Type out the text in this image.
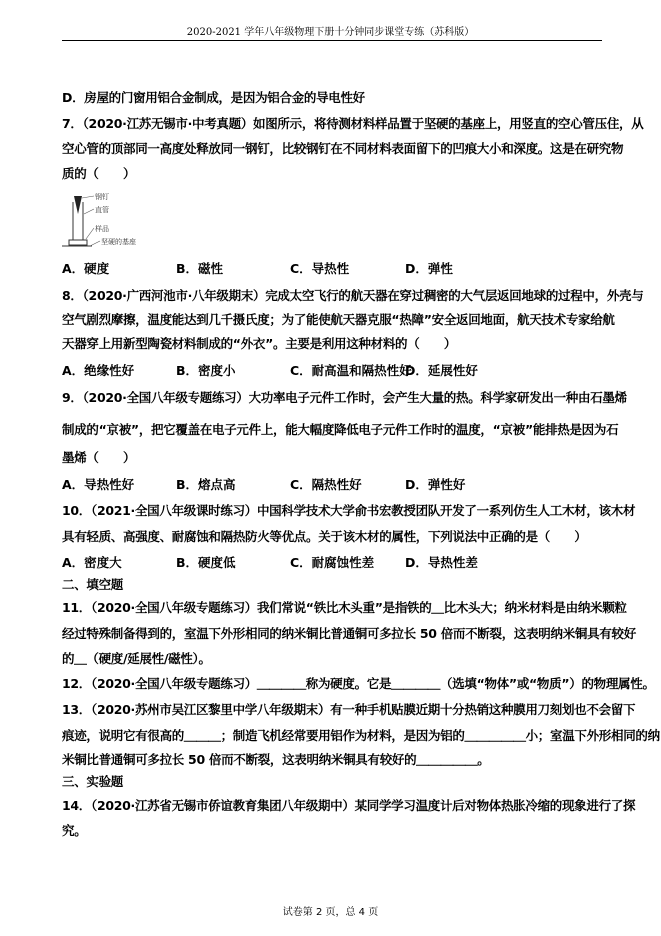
2020-2021 学年八年级物理下册十分钟同步课堂专练（苏科版）
D．房屋的门窗用铝合金制成，是因为铝合金的导电性好
7．（2020·江苏无锡市·中考真题）如图所示，将待测材料样品置于坚硬的基座上，用竖直的空心管压住，从
空心管的顶部同一高度处释放同一钢钉，比较钢钉在不同材料表面留下的凹痕大小和深度。这是在研究物
质的（　　）
钢钉
直管
样品
坚硬的基座
A．硬度	B．磁性	C．导热性	D．弹性
8．（2020·广西河池市·八年级期末）完成太空飞行的航天器在穿过稠密的大气层返回地球的过程中，外壳与
空气剧烈摩擦，温度能达到几千摄氏度；为了能使航天器克服“热障”安全返回地面，航天技术专家给航
天器穿上用新型陶瓷材料制成的“外衣”。主要是利用这种材料的（　　）
A．绝缘性好	B．密度小	C．耐高温和隔热性好
D．延展性好
9．（2020·全国八年级专题练习）大功率电子元件工作时，会产生大量的热。科学家研发出一种由石墨烯
制成的“京被”，把它覆盖在电子元件上，能大幅度降低电子元件工作时的温度，“京被”能排热是因为石
墨烯（　　）
A．导热性好	B．熔点高	C．隔热性好	D．弹性好
10．（2021·全国八年级课时练习）中国科学技术大学俞书宏教授团队开发了一系列仿生人工木材，该木材
具有轻质、高强度、耐腐蚀和隔热防火等优点。关于该木材的属性，下列说法中正确的是（　　）
A．密度大	B．硬度低	C．耐腐蚀性差 D．导热性差
二、填空题
11．（2020·全国八年级专题练习）我们常说“铁比木头重”是指铁的＿比木头大；纳米材料是由纳米颗粒
经过特殊制备得到的，室温下外形相同的纳米铜比普通铜可多拉长 50 倍而不断裂，这表明纳米铜具有较好
的＿（硬度/延展性/磁性）。
12．（2020·全国八年级专题练习）＿＿＿＿称为硬度。它是＿＿＿＿（选填“物体”或“物质”）的物理属性。
13．（2020·苏州市吴江区黎里中学八年级期末）有一种手机贴膜近期十分热销这种膜用刀刻划也不会留下
痕迹，说明它有很高的＿＿＿；制造飞机经常要用铝作为材料，是因为铝的＿＿＿＿＿小；室温下外形相同的纳
米铜比普通铜可多拉长 50 倍而不断裂，这表明纳米铜具有较好的＿＿＿＿＿。
三、实验题
14．（2020·江苏省无锡市侨谊教育集团八年级期中）某同学学习温度计后对物体热胀冷缩的现象进行了探
究。
试卷第 2 页，总 4 页
